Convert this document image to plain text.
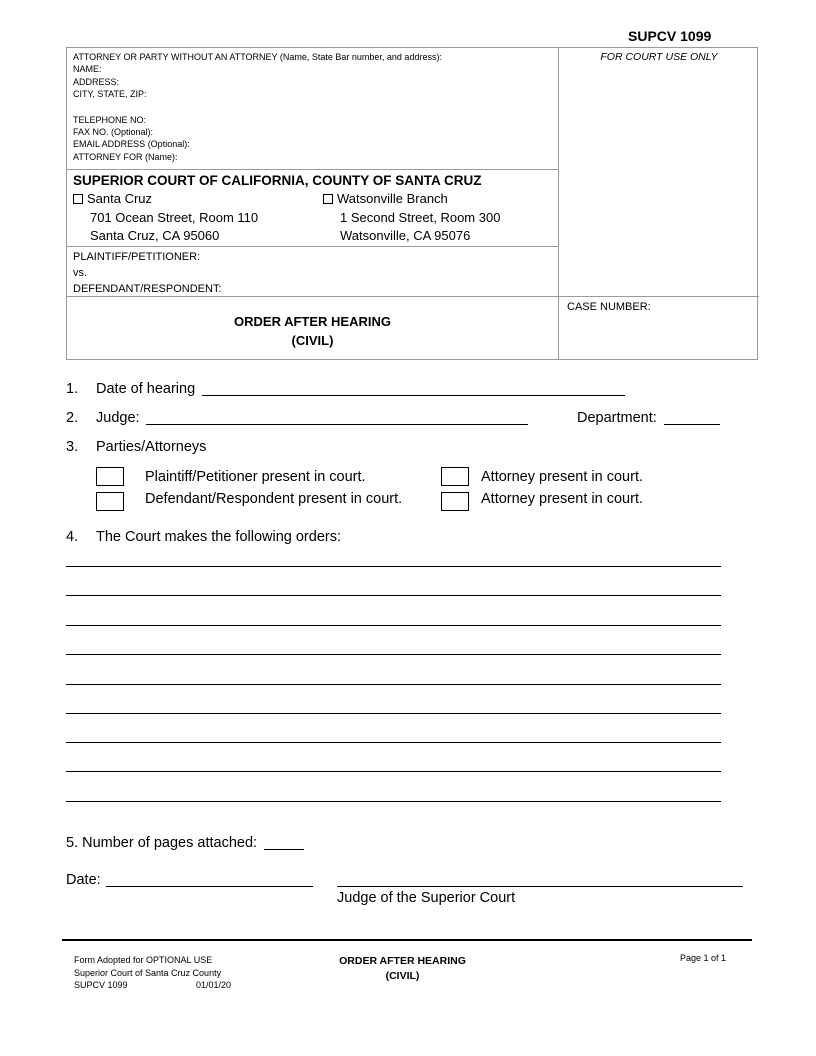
SUPCV 1099
ATTORNEY OR PARTY WITHOUT AN ATTORNEY (Name, State Bar number, and address):
NAME:
ADDRESS:
CITY, STATE, ZIP:
TELEPHONE NO:
FAX NO. (Optional):
EMAIL ADDRESS (Optional):
ATTORNEY FOR (Name):
SUPERIOR COURT OF CALIFORNIA, COUNTY OF SANTA CRUZ
Santa Cruz
701 Ocean Street, Room 110
Santa Cruz, CA 95060
Watsonville Branch
1 Second Street, Room 300
Watsonville, CA 95076
PLAINTIFF/PETITIONER:
vs.
DEFENDANT/RESPONDENT:
ORDER AFTER HEARING
(CIVIL)
FOR COURT USE ONLY
CASE NUMBER:
1. Date of hearing
2. Judge:	Department:
3. Parties/Attorneys
Plaintiff/Petitioner present in court.	Attorney present in court.
Defendant/Respondent present in court.	Attorney present in court.
4. The Court makes the following orders:
5. Number of pages attached:
Date:
Judge of the Superior Court
Form Adopted for OPTIONAL USE
Superior Court of Santa Cruz County
SUPCV 1099	01/01/20
ORDER AFTER HEARING
(CIVIL)
Page 1 of 1
